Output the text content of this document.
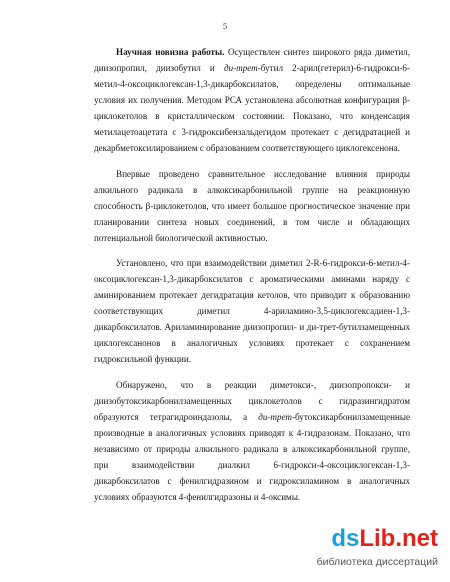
5

Научная новизна работы. Осуществлен синтез широкого ряда диметил, диизопропил, диизобутил и ди-трет-бутил 2-арил(гетерил)-6-гидрокси-6-метил-4-оксоциклогексан-1,3-дикарбоксилатов, определены оптимальные условия их получения. Методом РСА установлена абсолютная конфигурация β-циклокетолов в кристаллическом состоянии. Показано, что конденсация метилацетоацетата с 3-гидроксибензальдегидом протекает с дегидратацией и декарбметоксилированием с образованием соответствующего циклогексенона.

Впервые проведено сравнительное исследование влияния природы алкильного радикала в алкоксикарбонильной группе на реакционную способность β-циклокетолов, что имеет большое прогностическое значение при планировании синтеза новых соединений, в том числе и обладающих потенциальной биологической активностью.

Установлено, что при взаимодействии диметил 2-R-6-гидрокси-6-метил-4-оксоциклогексан-1,3-дикарбоксилатов с ароматическими аминами наряду с аминированием протекает дегидратация кетолов, что приводит к образованию соответствующих диметил 4-ариламино-3,5-циклогексадиен-1,3-дикарбоксилатов. Ариламинирование диизопропил- и ди-трет-бутилзамещенных циклогексанонов в аналогичных условиях протекает с сохранением гидроксильной функции.

Обнаружено, что в реакции диметокси-, диизопропокси- и диизобутоксикарбонилзамещенных циклокетолов с гидразингидратом образуются тетрагидроиндазолы, а ди-трет-бутоксикарбонилзамещенные производные в аналогичных условиях приводят к 4-гидразонам. Показано, что независимо от природы алкильного радикала в алкоксикарбонильной группе, при взаимодействии диалкил 6-гидрокси-4-оксоциклогексан-1,3-дикарбоксилатов с фенилгидразином и гидроксиламином в аналогичных условиях образуются 4-фенилгидразоны и 4-оксимы.

dsLib.net
библиотека диссертаций
